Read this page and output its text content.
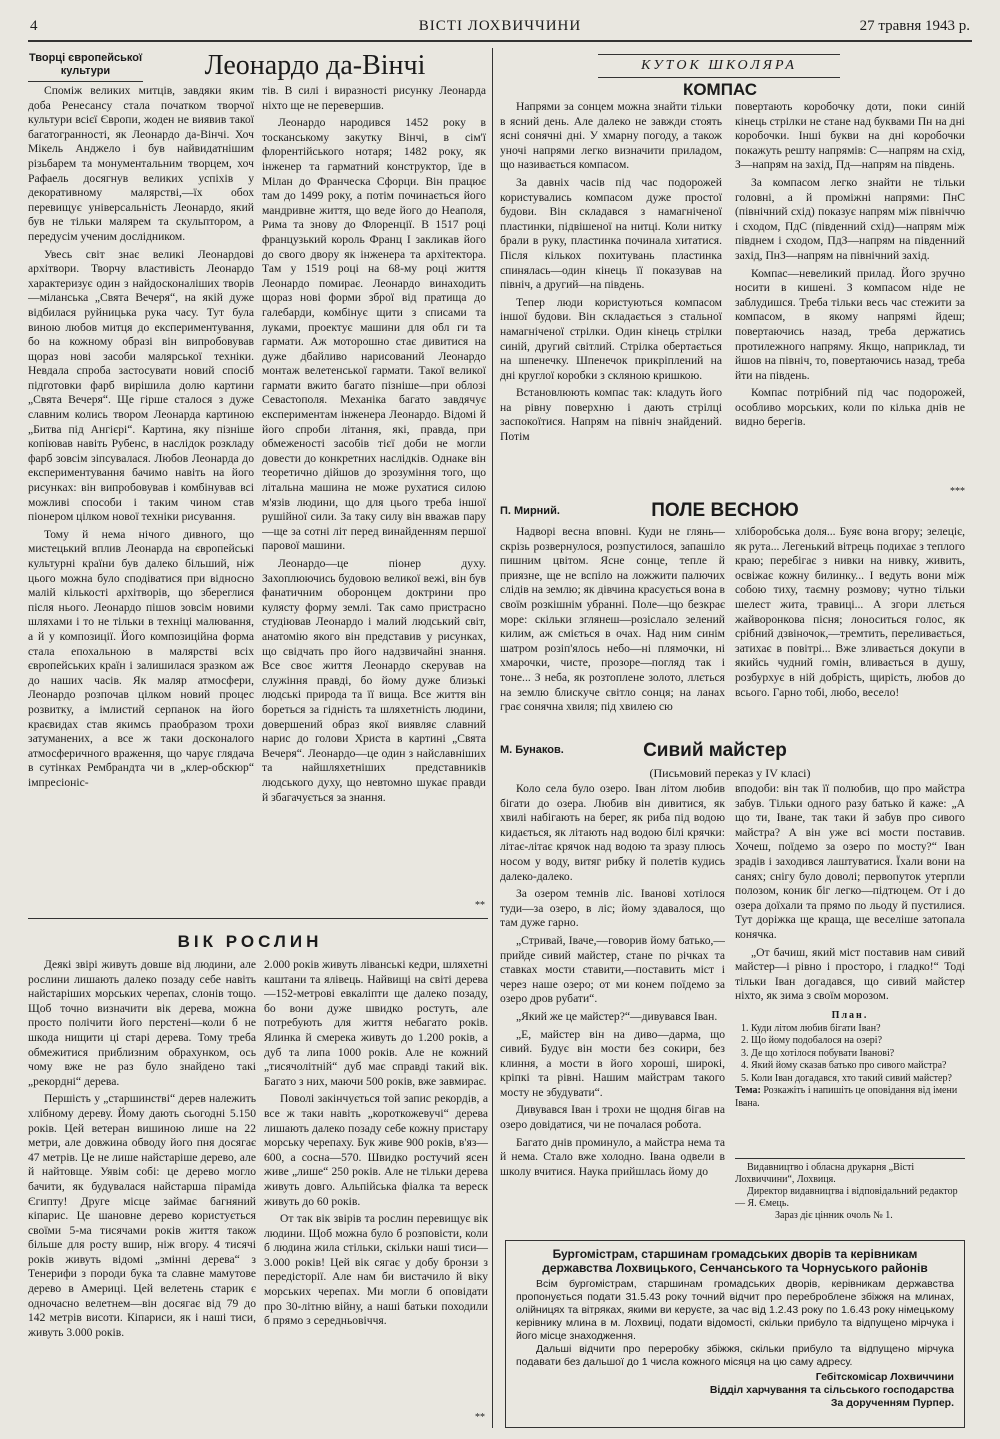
4	ВІСТІ ЛОХВИЧЧИНИ	27 травня 1943 р.
Творці європейської культури	Леонардо да-Вінчі

Споміж великих митців, завдяки яким доба Ренесансу стала початком творчої культури всієї Європи, жоден не виявив такої багатогранності, як Леонардо да-Вінчі. Хоч Мікель Анджело і був найвидатнішим різьбарем та монументальним творцем, хоч Рафаель досягнув великих успіхів у декоративному малярстві,—їх обох перевищує універсальність Леонардо, який був не тільки малярем та скульптором, а передусім ученим дослідником.

Увесь світ знає великі Леонардові архітвори. Творчу властивість Леонардо характеризує один з найдосконаліших творів—міланська „Свята Вечеря“, на якій дуже відбилася руйницька рука часу. Тут була виною любов митця до експериментування, бо на кожному образі він випробовував щораз нові засоби малярської техніки. Невдала спроба застосувати новий спосіб підготовки фарб вирішила долю картини „Свята Вечеря“. Ще гірше сталося з дуже славним колись твором Леонарда картиною „Битва під Ангієрі“. Картина, яку пізніше копіював навіть Рубенс, в наслідок розкладу фарб зовсім зіпсувалася. Любов Леонарда до експериментування бачимо навіть на його рисунках: він випробовував і комбінував всі можливі способи і таким чином став піонером цілком нової техніки рисування.

Тому й нема нічого дивного, що мистецький вплив Леонарда на європейські культурні країни був далеко більший, ніж цього можна було сподіватися при відносно малій кількості архітворів, що збереглися після нього. Леонардо пішов зовсім новими шляхами і то не тільки в техніці малювання, а й у композиції. Його композиційна форма стала епохальною в малярстві всіх європейських країн і залишилася зразком аж до наших часів. Як маляр атмосфери, Леонардо розпочав цілком новий процес розвитку, а імлистий серпанок на його краєвидах став якимсь праобразом трохи затуманених, а все ж таки досконалого атмосферичного враження, що чарує глядача в сутінках Рембрандта чи в „клер-обскюр“ імпресіоніс-

тів. В силі і виразності рисунку Леонарда ніхто ще не перевершив.

Леонардо народився 1452 року в тосканському закутку Вінчі, в сім'ї флорентійського нотаря; 1482 року, як інженер та гарматний конструктор, їде в Мілан до Франческа Сфорци. Він працює там до 1499 року, а потім починається його мандривне життя, що веде його до Неаполя, Рима та знову до Флоренції. В 1517 році французький король Франц І закликав його до свого двору як інженера та архітектора. Там у 1519 році на 68-му році життя Леонардо помирає. Леонардо винаходить щораз нові форми зброї від пратища до галебарди, комбінує щити з списами та луками, проектує машини для обл ги та гармати. Аж моторошно стає дивитися на дуже дбайливо нарисований Леонардо монтаж велетенської гармати. Такої великої гармати вжито багато пізніше—при облозі Севастополя. Механіка багато завдячує експериментам інженера Леонардо. Відомі й його спроби літання, які, правда, при обмеженості засобів тієї доби не могли довести до конкретних наслідків. Однаке він теоретично дійшов до зрозуміння того, що літальна машина не може рухатися силою м'язів людини, що для цього треба іншої рушійної сили. За таку силу він вважав пару—ще за сотні літ перед винайденням першої парової машини.

Леонардо—це піонер духу. Захоплюючись будовою великої вежі, він був фанатичним оборонцем доктрини про кулясту форму землі. Так само пристрасно студіював Леонардо і малий людський світ, анатомію якого він представив у рисунках, що свідчать про його надзвичайні знання. Все своє життя Леонардо скерував на служіння правді, бо йому дуже близькі людські природа та її вища. Все життя він бореться за гідність та шляхетність людини, довершений образ якої виявляє славний нарис до голови Христа в картині „Свята Вечеря“. Леонардо—це один з найславніших та найшляхетніших представників людського духу, що невтомно шукає правди й збагачується за знання.

**
КУТОК ШКОЛЯРА
КОМПАС

Напрями за сонцем можна знайти тільки в ясний день. Але далеко не завжди стоять ясні сонячні дні. У хмарну погоду, а також уночі напрями легко визначити приладом, що називається компасом.

За давніх часів під час подорожей користувались компасом дуже простої будови. Він складався з намагніченої пластинки, підвішеної на нитці. Коли нитку брали в руку, пластинка починала хитатися. Після кількох похитувань пластинка спинялась—один кінець її показував на північ, а другий—на південь.

Тепер люди користуються компасом іншої будови. Він складається з стальної намагніченої стрілки. Один кінець стрілки синій, другий світлий. Стрілка обертається на шпенечку. Шпенечок прикріплений на дні круглої коробки з скляною кришкою.

Встановлюють компас так: кладуть його на рівну поверхню і дають стрілці заспокоїтися. Напрям на північ знайдений. Потім

повертають коробочку доти, поки синій кінець стрілки не стане над буквами Пн на дні коробочки. Інші букви на дні коробочки покажуть решту напрямів: С—напрям на схід, З—напрям на захід, Пд—напрям на південь.

За компасом легко знайти не тільки головні, а й проміжні напрями: ПнС (північний схід) показує напрям між північчю і сходом, ПдС (південний схід)—напрям між півднем і сходом, ПдЗ—напрям на південний захід, ПнЗ—напрям на північний захід.

Компас—невеликий прилад. Його зручно носити в кишені. З компасом ніде не заблудишся. Треба тільки весь час стежити за компасом, в якому напрямі йдеш; повертаючись назад, треба держатись протилежного напряму. Якщо, наприклад, ти йшов на північ, то, повертаючись назад, треба йти на південь.

Компас потрібний під час подорожей, особливо морських, коли по кілька днів не видно берегів.

***
П. Мирний.	ПОЛЕ ВЕСНОЮ

Надворі весна вповні. Куди не глянь—скрізь розвернулося, розпустилося, запашіло пишним цвітом. Ясне сонце, тепле й приязне, ще не вспіло на ложжити палючих слідів на землю; як дівчина красується вона в своїм розкішнім убранні. Поле—що безкрає море: скільки зглянеш—розіслало зелений килим, аж сміється в очах. Над ним синім шатром розіп'ялось небо—ні плямочки, ні хмарочки, чисте, прозоре—погляд так і тоне... З неба, як розтоплене золото, ллється на землю блискуче світло сонця; на ланах грає сонячна хвиля; під хвилею сю

хліборобська доля... Буяє вона вгору; зелеціє, як рута... Легенький вітрець подихає з теплого краю; перебігає з нивки на нивку, живить, освіжає кожну билинку... І ведуть вони між собою тиху, таємну розмову; чутно тільки шелест жита, травиці... А згори ллється жайворонкова пісня; лоноситься голос, як срібний дзвіночок,—тремтить, переливається, затихає в повітрі... Вже зливається докупи в якийсь чудний гомін, вливається в душу, розбурхує в ній добрість, щирість, любов до всього. Гарно тобі, любо, весело!

М. Бунаков.	Сивий майстер
(Письмовий переказ у IV класі)

Коло села було озеро. Іван літом любив бігати до озера. Любив він дивитися, як хвилі набігають на берег, як риба під водою кидається, як літають над водою білі крячки: літає-літає крячок над водою та зразу плюсь носом у воду, витяг рибку й полетів кудись далеко-далеко.

За озером темнів ліс. Іванові хотілося туди—за озеро, в ліс; йому здавалося, що там дуже гарно.

„Стривай, Іваче,—говорив йому батько,—прийде сивий майстер, стане по річках та ставках мости ставити,—поставить міст і через наше озеро; от ми конем поїдемо за озеро дров рубати“.

„Який же це майстер?“—дивувався Іван.

„Е, майстер він на диво—дарма, що сивий. Будує він мости без сокири, без клиння, а мости в його хороші, широкі, кріпкі та рівні. Нашим майстрам такого мосту не збудувати“.

Дивувався Іван і трохи не щодня бігав на озеро довідатися, чи не почалася робота.

Багато днів проминуло, а майстра нема та й нема. Стало вже холодно. Івана одвели в школу вчитися. Наука прийшлась йому до

вподоби: він так її полюбив, що про майстра забув. Тільки одного разу батько й каже: „А що ти, Іване, так таки й забув про сивого майстра? А він уже всі мости поставив. Хочеш, поїдемо за озеро по мосту?“ Іван зрадів і заходився лаштуватися. Їхали вони на санях; снігу було доволі; первопуток утерпли полозом, коник біг легко—підтюцем. От і до озера доїхали та прямо по льоду й пустилися. Тут доріжка ще краща, ще веселіше затопала конячка.

„От бачиш, який міст поставив нам сивий майстер—і рівно і просторо, і гладко!“ Тоді тільки Іван догадався, що сивий майстер ніхто, як зима з своїм морозом.

План.
1. Куди літом любив бігати Іван?
2. Що йому подобалося на озері?
3. Де що хотілося побувати Іванові?
4. Який йому сказав батько про сивого майстра?
5. Коли Іван догадався, хто такий сивий майстер?
Тема: Розкажіть і напишіть це оповідання від імени Івана.
Видавництво і обласна друкарня „Вісті Лохвиччини“, Лохвиця.
Директор видавництва і відповідальний редактор — Я. Ємець.
Зараз діє цінник очоль № 1.
Бургомістрам, старшинам громадських дворів та керівникам державства Лохвицького, Сенчанського та Чорнуського районів
Всім бургомістрам, старшинам громадських дворів, керівникам державства пропонується подати 31.5.43 року точний відчит про переброблене збіжжя на млинах, олійницях та вітряках, якими ви керуєте, за час від 1.2.43 року по 1.6.43 року німецькому керівнику млина в м. Лохвиці, подати відомості, скільки прибуло та відпущено мірчука і його місце знаходження.
Дальші відчити про переробку збіжжя, скільки прибуло та відпущено мірчука подавати без дальшої до 1 числа кожного місяця на цю саму адресу.
Гебітскомісар Лохвиччини
Відділ харчування та сільського господарства
За дорученням Пурпер.
ВІК РОСЛИН

Деякі звірі живуть довше від людини, але рослини лишають далеко позаду себе навіть найстаріших морських черепах, слонів тощо. Щоб точно визначити вік дерева, можна просто полічити його перстені—коли б не шкода нищити ці старі дерева. Тому треба обмежитися приблизним обрахунком, ось чому вже не раз було знайдено такі „рекордні“ дерева.

Першість у „старшинстві“ дерев належить хлібному дереву. Йому дають сьогодні 5.150 років. Цей ветеран вишиною лише на 22 метри, але довжина обводу його пня досягає 47 метрів. Це не лише найстаріше дерево, але й найтовще. Уявім собі: це дерево могло бачити, як будувалася найстарша піраміда Єгипту! Друге місце займає багняний кіпарис. Це шановне дерево користується своїми 5-ма тисячами років життя також більше для росту вшир, ніж вгору. 4 тисячі років живуть відомі „змінні дерева“ з Тенерифи з породи бука та славне мамутове дерево в Америці. Цей велетень старик є одночасно велетнем—він досягає від 79 до 142 метрів висоти. Кіпариси, як і наші тиси, живуть 3.000 років.

2.000 років живуть ліванські кедри, шляхетні каштани та ялівець. Найвищі на світі дерева—152-метрові евкаліпти ще далеко позаду, бо вони дуже швидко ростуть, але потребують для життя небагато років. Ялинка й смерека живуть до 1.200 років, а дуб та липа 1000 років. Але не кожний „тисячолітній“ дуб має справді такий вік. Багато з них, маючи 500 років, вже завмирає.

Поволі закінчується той запис рекордів, а все ж таки навіть „короткожевучі“ дерева лишають далеко позаду себе кожну пристару морську черепаху. Бук живе 900 років, в'яз—600, а сосна—570. Швидко ростучий ясен живе „лише“ 250 років. Але не тільки дерева живуть довго. Альпійська фіалка та вереск живуть до 60 років.

От так вік звірів та рослин перевищує вік людини. Щоб можна було б розповісти, коли б людина жила стільки, скільки наші тиси—3.000 років! Цей вік сягає у добу бронзи з передісторії. Але нам би вистачило й віку морських черепах. Ми могли б оповідати про 30-літню війну, а наші батьки походили б прямо з середньовіччя.

**
